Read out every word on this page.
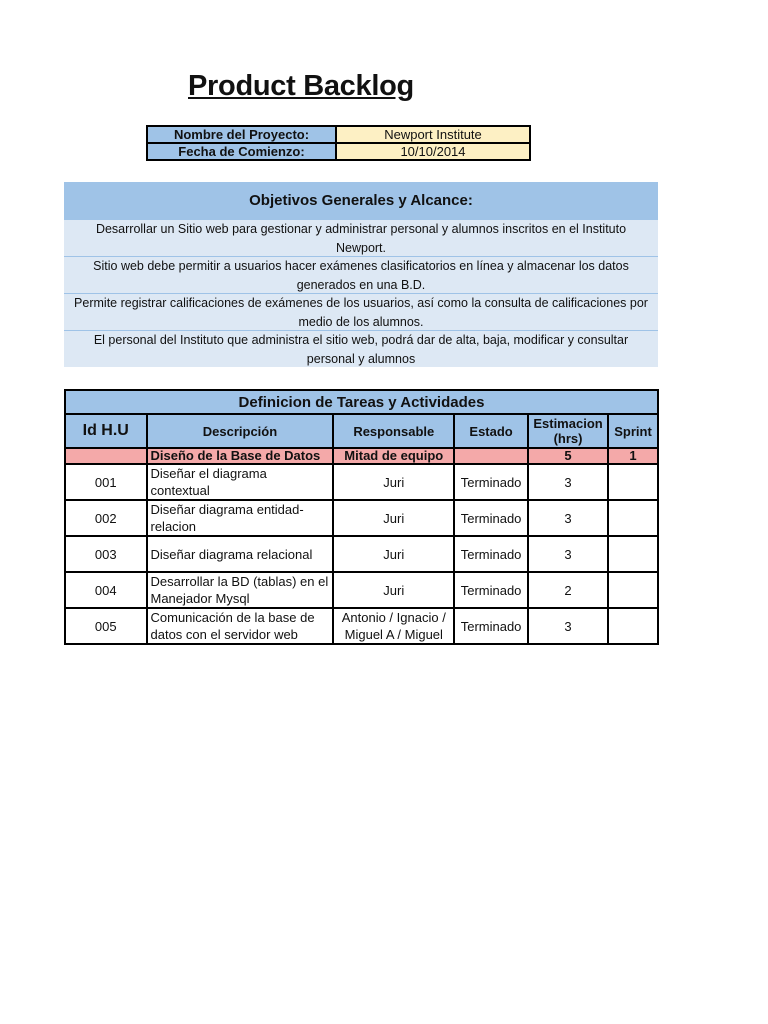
Product Backlog
Nombre del Proyecto:	Newport Institute
Fecha de Comienzo:	10/10/2014
Objetivos Generales y Alcance:
Desarrollar un Sitio web para gestionar y administrar personal y alumnos inscritos en el Instituto Newport.
Sitio web debe permitir a usuarios hacer exámenes clasificatorios en línea y almacenar los datos generados en una B.D.
Permite registrar calificaciones de exámenes de los usuarios, así como la consulta de calificaciones por medio de los alumnos.
El personal del Instituto que administra el sitio web, podrá dar de alta, baja, modificar y consultar personal y alumnos
Definicion de Tareas y Actividades					
Id H.U	Descripción	Responsable	Estado	Estimacion (hrs)	Sprint
	Diseño de la Base de Datos	Mitad de equipo		5	1
001	Diseñar el diagrama contextual	Juri	Terminado	3	
002	Diseñar diagrama entidad-relacion	Juri	Terminado	3	
003	Diseñar diagrama relacional	Juri	Terminado	3	
004	Desarrollar la BD (tablas) en el Manejador Mysql	Juri	Terminado	2	
005	Comunicación de la base de datos con el servidor web	Antonio / Ignacio / Miguel A / Miguel	Terminado	3	
